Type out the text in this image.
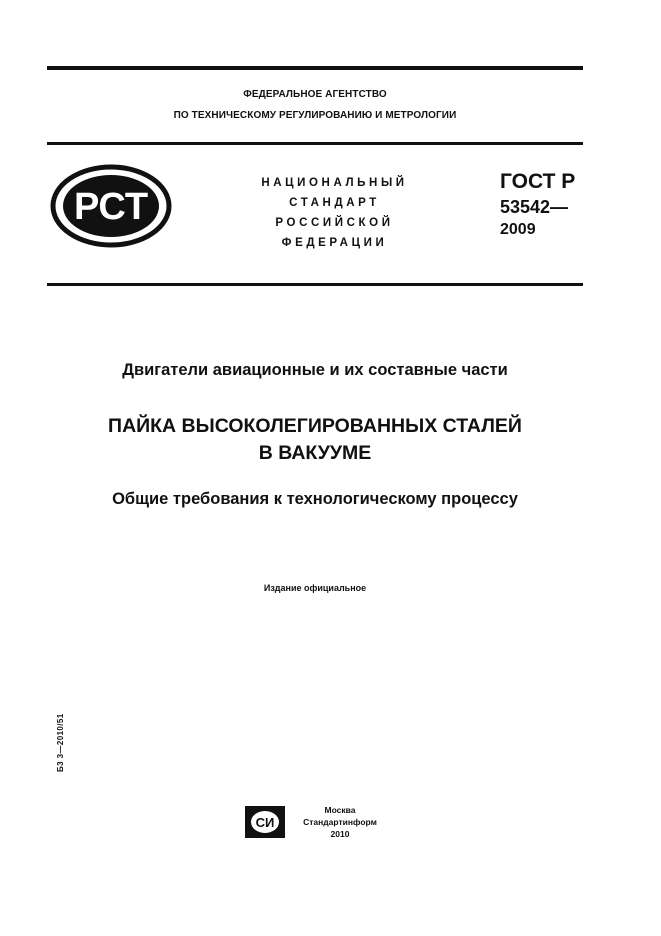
ФЕДЕРАЛЬНОЕ АГЕНТСТВО
ПО ТЕХНИЧЕСКОМУ РЕГУЛИРОВАНИЮ И МЕТРОЛОГИИ
РСТ
НАЦИОНАЛЬНЫЙ
СТАНДАРТ
РОССИЙСКОЙ
ФЕДЕРАЦИИ
ГОСТ Р
53542—
2009
Двигатели авиационные и их составные части
ПАЙКА ВЫСОКОЛЕГИРОВАННЫХ СТАЛЕЙ
В ВАКУУМЕ
Общие требования к технологическому процессу
Издание официальное
Б3 3—2010/51
СИ
Москва
Стандартинформ
2010
